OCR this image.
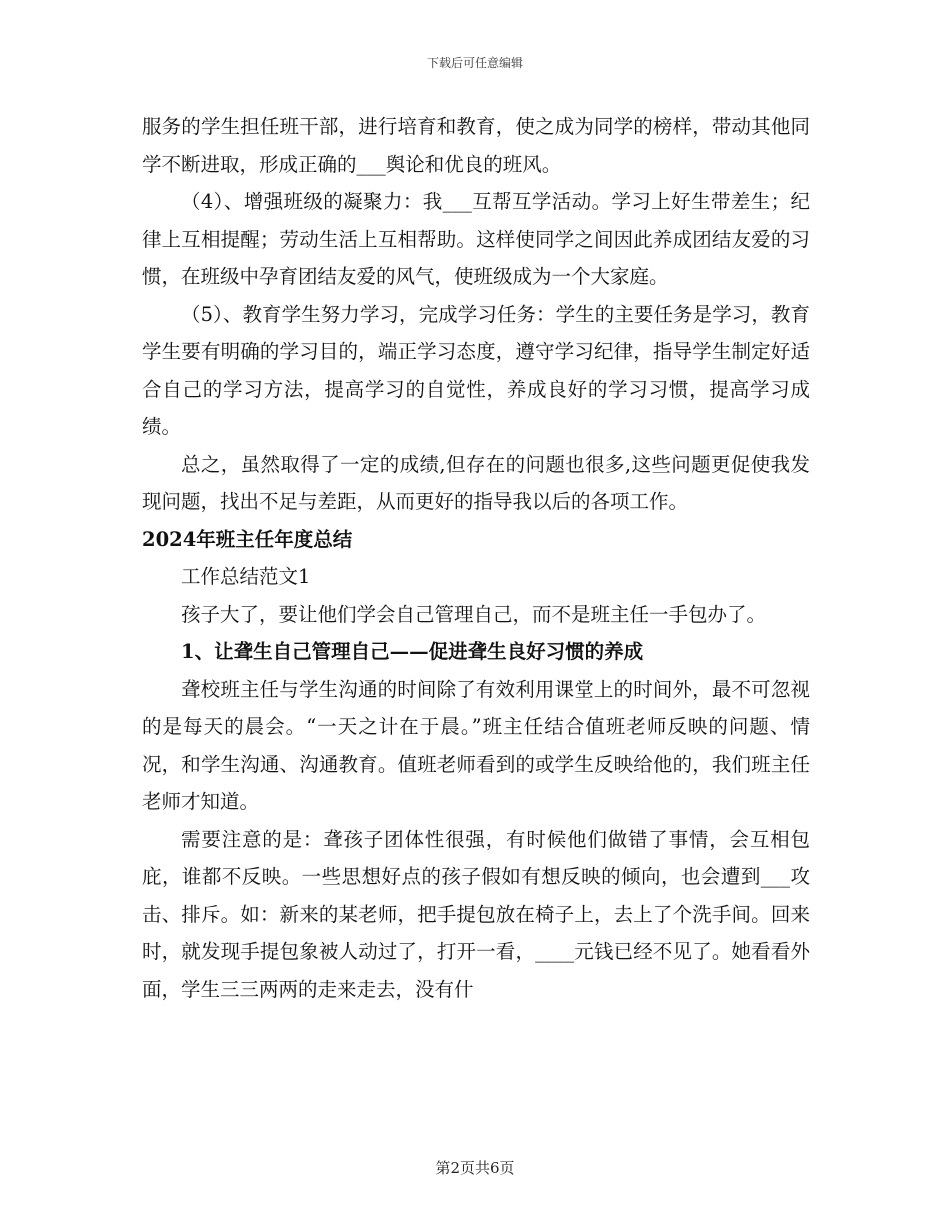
下载后可任意编辑

服务的学生担任班干部，进行培育和教育，使之成为同学的榜样，带动其他同学不断进取，形成正确的___舆论和优良的班风。

（4）、增强班级的凝聚力：我___互帮互学活动。学习上好生带差生；纪律上互相提醒；劳动生活上互相帮助。这样使同学之间因此养成团结友爱的习惯，在班级中孕育团结友爱的风气，使班级成为一个大家庭。

（5）、教育学生努力学习，完成学习任务：学生的主要任务是学习，教育学生要有明确的学习目的，端正学习态度，遵守学习纪律，指导学生制定好适合自己的学习方法，提高学习的自觉性，养成良好的学习习惯，提高学习成绩。

总之，虽然取得了一定的成绩,但存在的问题也很多,这些问题更促使我发现问题，找出不足与差距，从而更好的指导我以后的各项工作。

2024年班主任年度总结

工作总结范文1

孩子大了，要让他们学会自己管理自己，而不是班主任一手包办了。

1、让聋生自己管理自己——促进聋生良好习惯的养成

聋校班主任与学生沟通的时间除了有效利用课堂上的时间外，最不可忽视的是每天的晨会。“一天之计在于晨。”班主任结合值班老师反映的问题、情况，和学生沟通、沟通教育。值班老师看到的或学生反映给他的，我们班主任老师才知道。

需要注意的是：聋孩子团体性很强，有时候他们做错了事情，会互相包庇，谁都不反映。一些思想好点的孩子假如有想反映的倾向，也会遭到___攻击、排斥。如：新来的某老师，把手提包放在椅子上，去上了个洗手间。回来时，就发现手提包象被人动过了，打开一看，____元钱已经不见了。她看看外面，学生三三两两的走来走去，没有什

第2页共6页
